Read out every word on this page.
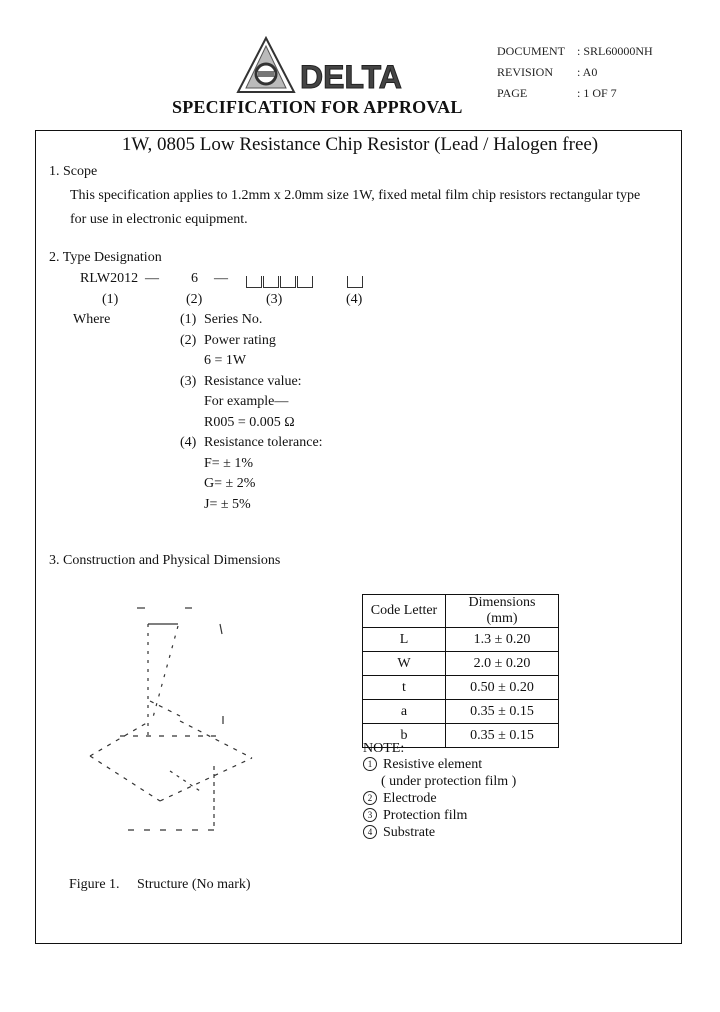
DELTA
SPECIFICATION FOR APPROVAL
DOCUMENT : SRL60000NH
REVISION : A0
PAGE	: 1 OF 7
1W, 0805 Low Resistance Chip Resistor (Lead / Halogen free)
1. Scope
This specification applies to 1.2mm x 2.0mm size 1W, fixed metal film chip resistors rectangular type
for use in electronic equipment.
2. Type Designation
RLW2012 — 6 —
(1)	(2)	(3)	(4)
Where	(1) Series No.
(2) Power rating
6 = 1W
(3) Resistance value:
For example—
R005 = 0.005 Ω
(4) Resistance tolerance:
F= ± 1%
G= ± 2%
J= ± 5%
3. Construction and Physical Dimensions
Code Letter	Dimensions (mm)
L	1.3 ± 0.20
W	2.0 ± 0.20
t	0.50 ± 0.20
a	0.35 ± 0.15
b	0.35 ± 0.15
NOTE:
1 Resistive element
( under protection film )
2 Electrode
3 Protection film
4 Substrate
Figure 1.     Structure (No mark)
